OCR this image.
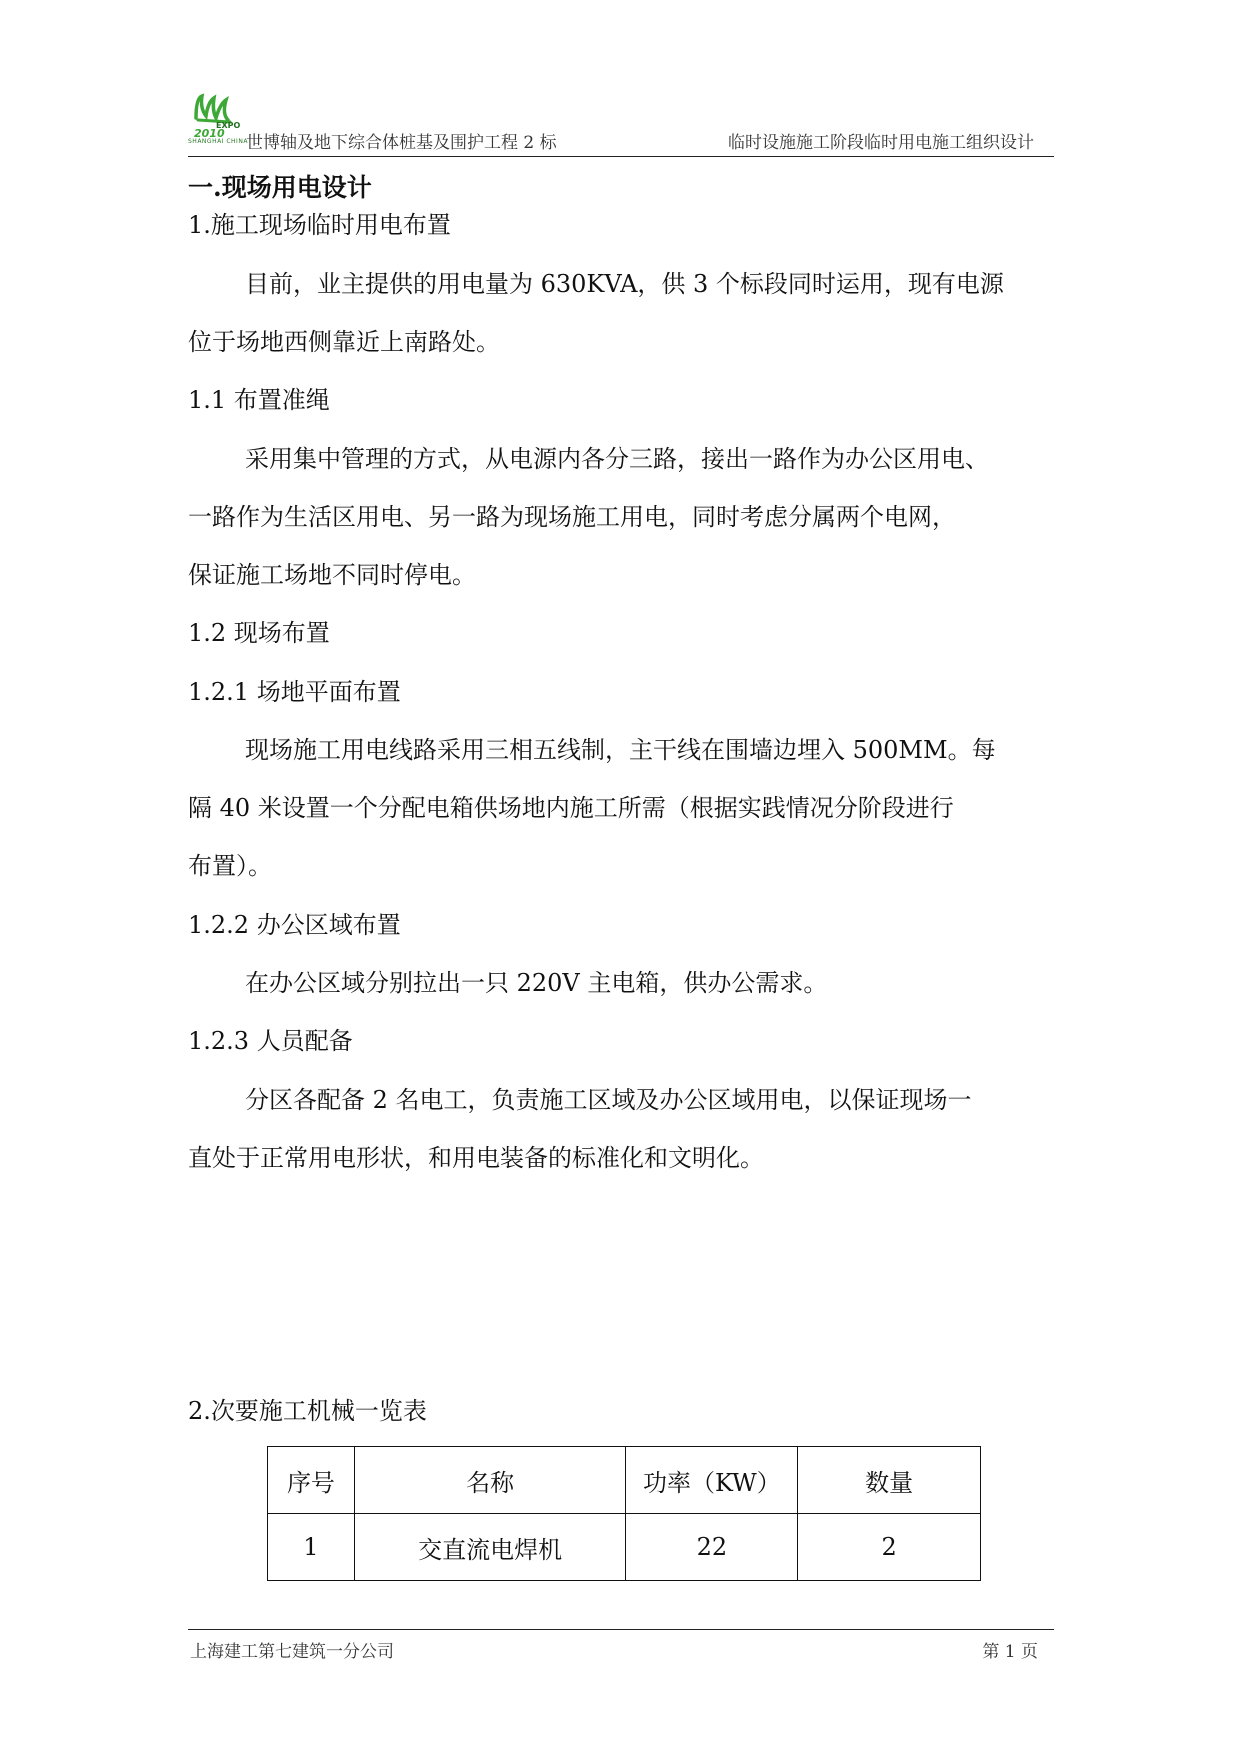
EXPO
2010
SHANGHAI CHINA
世博轴及地下综合体桩基及围护工程 2 标	临时设施施工阶段临时用电施工组织设计
一.现场用电设计
1.施工现场临时用电布置
目前，业主提供的用电量为 630KVA，供 3 个标段同时运用，现有电源
位于场地西侧靠近上南路处。
1.1 布置准绳
采用集中管理的方式，从电源内各分三路，接出一路作为办公区用电、
一路作为生活区用电、另一路为现场施工用电，同时考虑分属两个电网，
保证施工场地不同时停电。
1.2 现场布置
1.2.1 场地平面布置
现场施工用电线路采用三相五线制，主干线在围墙边埋入 500MM。每
隔 40 米设置一个分配电箱供场地内施工所需（根据实践情况分阶段进行
布置）。
1.2.2 办公区域布置
在办公区域分别拉出一只 220V 主电箱，供办公需求。
1.2.3 人员配备
分区各配备 2 名电工，负责施工区域及办公区域用电，以保证现场一
直处于正常用电形状，和用电装备的标准化和文明化。
2.次要施工机械一览表
序号	名称	功率（KW）	数量
1	交直流电焊机	22	2
上海建工第七建筑一分公司	第 1 页
